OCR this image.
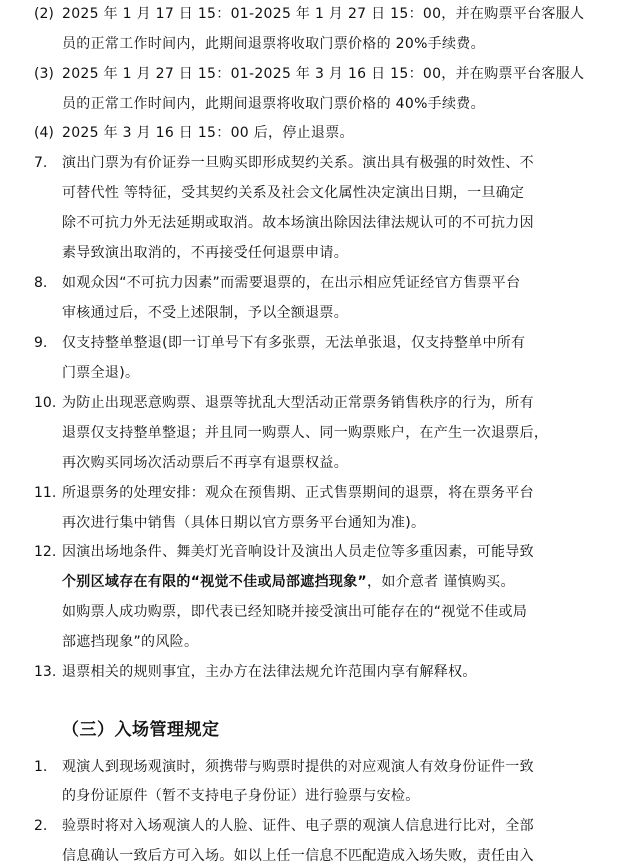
(2) 2025 年 1 月 17 日 15：01-2025 年 1 月 27 日 15：00，并在购票平台客服人
员的正常工作时间内，此期间退票将收取门票价格的 20%手续费。
(3) 2025 年 1 月 27 日 15：01-2025 年 3 月 16 日 15：00，并在购票平台客服人
员的正常工作时间内，此期间退票将收取门票价格的 40%手续费。
(4) 2025 年 3 月 16 日 15：00 后，停止退票。
7. 演出门票为有价证券一旦购买即形成契约关系。演出具有极强的时效性、不
可替代性 等特征，受其契约关系及社会文化属性决定演出日期，一旦确定
除不可抗力外无法延期或取消。故本场演出除因法律法规认可的不可抗力因
素导致演出取消的，不再接受任何退票申请。
8. 如观众因“不可抗力因素”而需要退票的，在出示相应凭证经官方售票平台
审核通过后，不受上述限制，予以全额退票。
9. 仅支持整单整退(即一订单号下有多张票，无法单张退，仅支持整单中所有
门票全退)。
10. 为防止出现恶意购票、退票等扰乱大型活动正常票务销售秩序的行为，所有
退票仅支持整单整退；并且同一购票人、同一购票账户，在产生一次退票后，
再次购买同场次活动票后不再享有退票权益。
11. 所退票务的处理安排：观众在预售期、正式售票期间的退票，将在票务平台
再次进行集中销售（具体日期以官方票务平台通知为准)。
12. 因演出场地条件、舞美灯光音响设计及演出人员走位等多重因素，可能导致
个别区域存在有限的“视觉不佳或局部遮挡现象”，如介意者 谨慎购买。
如购票人成功购票，即代表已经知晓并接受演出可能存在的“视觉不佳或局
部遮挡现象”的风险。
13. 退票相关的规则事宜，主办方在法律法规允许范围内享有解释权。
（三）入场管理规定
1. 观演人到现场观演时，须携带与购票时提供的对应观演人有效身份证件一致
的身份证原件（暂不支持电子身份证）进行验票与安检。
2. 验票时将对入场观演人的人脸、证件、电子票的观演人信息进行比对，全部
信息确认一致后方可入场。如以上任一信息不匹配造成入场失败，责任由入
